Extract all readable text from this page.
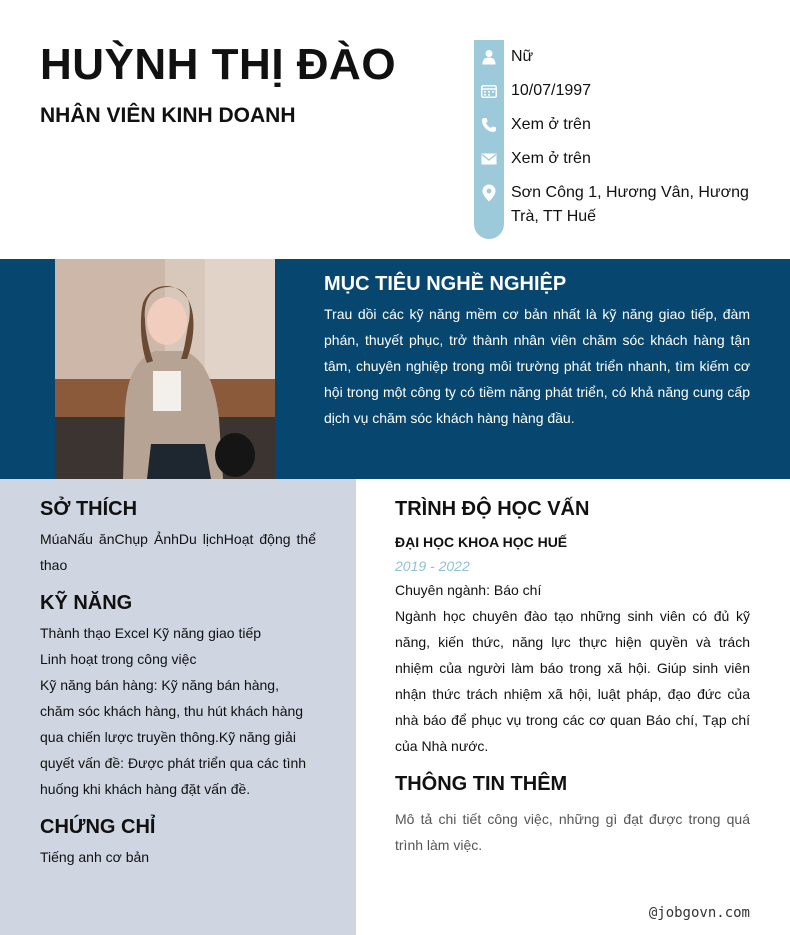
HUỲNH THỊ ĐÀO
NHÂN VIÊN KINH DOANH
Nữ
10/07/1997
Xem ở trên
Xem ở trên
Sơn Công 1, Hương Vân, Hương Trà, TT Huế
MỤC TIÊU NGHỀ NGHIỆP

Trau dồi các kỹ năng mềm cơ bản nhất là kỹ năng giao tiếp, đàm phán, thuyết phục, trở thành nhân viên chăm sóc khách hàng tận tâm, chuyên nghiệp trong môi trường phát triển nhanh, tìm kiếm cơ hội trong một công ty có tiềm năng phát triển, có khả năng cung cấp dịch vụ chăm sóc khách hàng hàng đầu.

SỞ THÍCH

MúaNấu ănChụp ẢnhDu lịchHoạt động thể thao

KỸ NĂNG

Thành thạo Excel Kỹ năng giao tiếp

Linh hoạt trong công việc

Kỹ năng bán hàng: Kỹ năng bán hàng, chăm sóc khách hàng, thu hút khách hàng qua chiến lược truyền thông.Kỹ năng giải quyết vấn đề: Được phát triển qua các tình huống khi khách hàng đặt vấn đề.

CHỨNG CHỈ

Tiếng anh cơ bản

TRÌNH ĐỘ HỌC VẤN

ĐẠI HỌC KHOA HỌC HUẾ

2019 - 2022

Chuyên ngành: Báo chí

Ngành học chuyên đào tạo những sinh viên có đủ kỹ năng, kiến thức, năng lực thực hiện quyền và trách nhiệm của người làm báo trong xã hội. Giúp sinh viên nhận thức trách nhiệm xã hội, luật pháp, đạo đức của nhà báo để phục vụ trong các cơ quan Báo chí, Tạp chí của Nhà nước.

THÔNG TIN THÊM

Mô tả chi tiết công việc, những gì đạt được trong quá trình làm việc.

@jobgovn.com
